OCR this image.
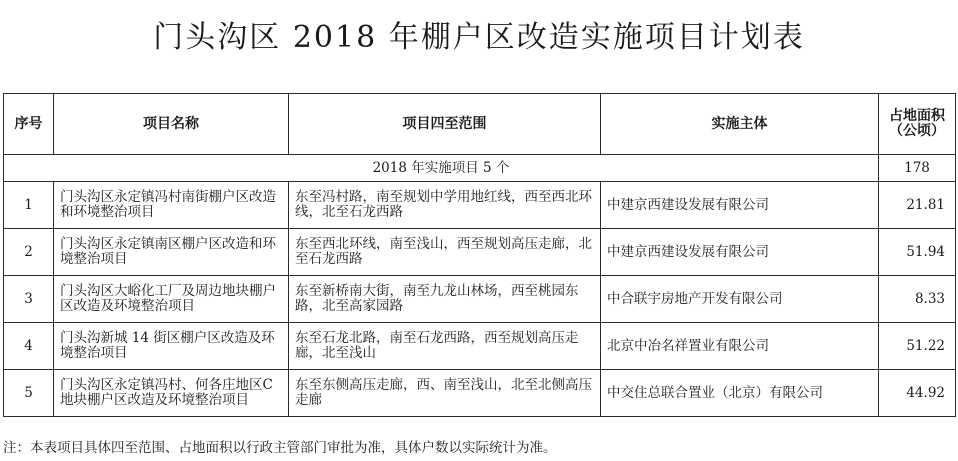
门头沟区 2018 年棚户区改造实施项目计划表
序号	项目名称	项目四至范围	实施主体	占地面积
（公顷）
2018 年实施项目 5 个				178
1	门头沟区永定镇冯村南街棚户区改造和环境整治项目	东至冯村路，南至规划中学用地红线，西至西北环线，北至石龙西路	中建京西建设发展有限公司	21.81
2	门头沟区永定镇南区棚户区改造和环境整治项目	东至西北环线，南至浅山，西至规划高压走廊，北至石龙西路	中建京西建设发展有限公司	51.94
3	门头沟区大峪化工厂及周边地块棚户区改造及环境整治项目	东至新桥南大街，南至九龙山林场，西至桃园东路，北至高家园路	中合联宇房地产开发有限公司	8.33
4	门头沟新城 14 街区棚户区改造及环境整治项目	东至石龙北路，南至石龙西路，西至规划高压走廊，北至浅山	北京中冶名祥置业有限公司	51.22
5	门头沟区永定镇冯村、何各庄地区C地块棚户区改造及环境整治项目	东至东侧高压走廊，西、南至浅山，北至北侧高压走廊	中交住总联合置业（北京）有限公司	44.92
注：本表项目具体四至范围、占地面积以行政主管部门审批为准，具体户数以实际统计为准。
